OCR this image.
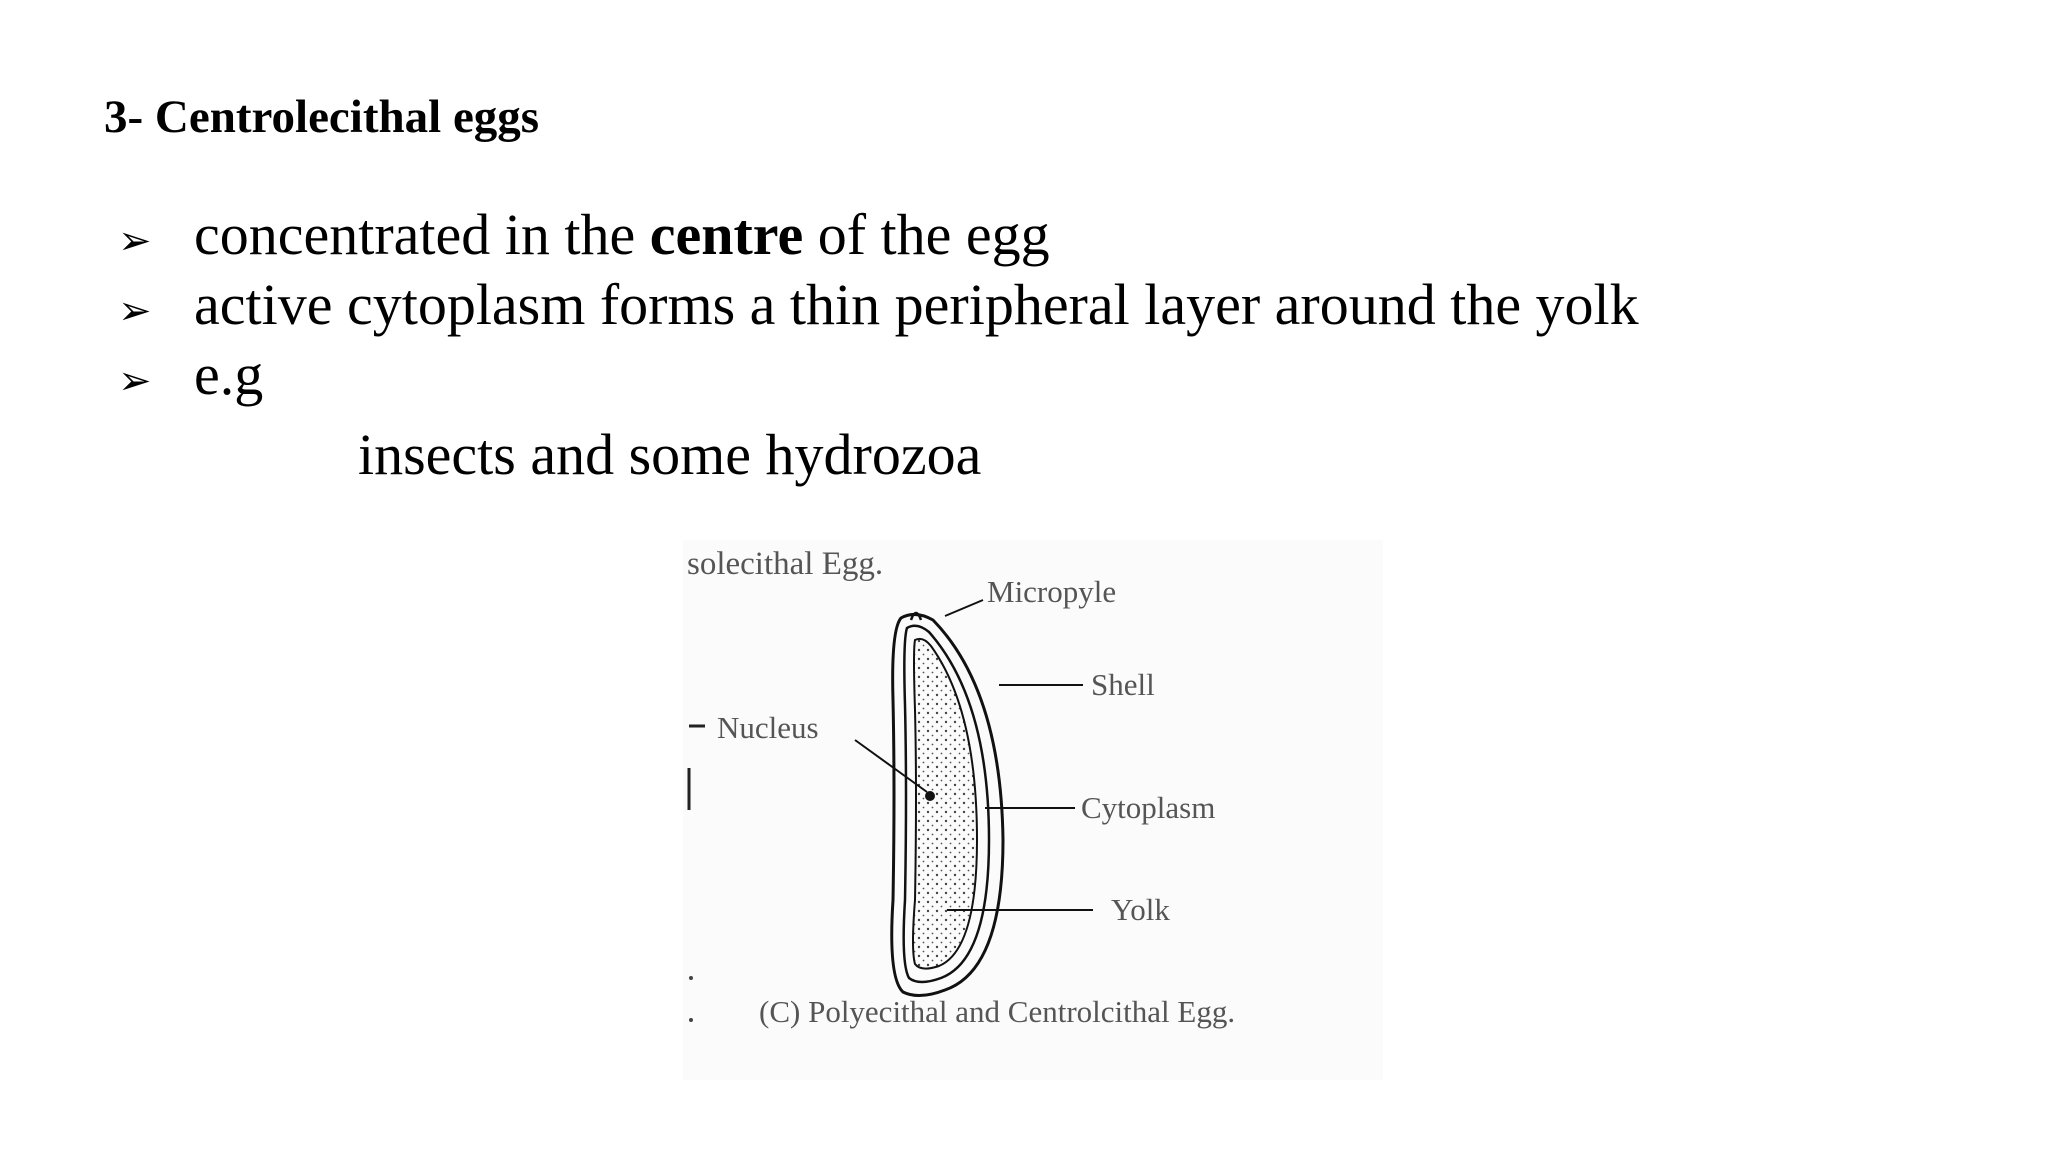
3- Centrolecithal eggs
➢ concentrated in the centre of the egg
➢ active cytoplasm forms a thin peripheral layer around the yolk
➢ e.g

insects and some hydrozoa

solecithal Egg.
Micropyle
Shell
Nucleus
Cytoplasm
Yolk
(C) Polyecithal and Centrolcithal Egg.
